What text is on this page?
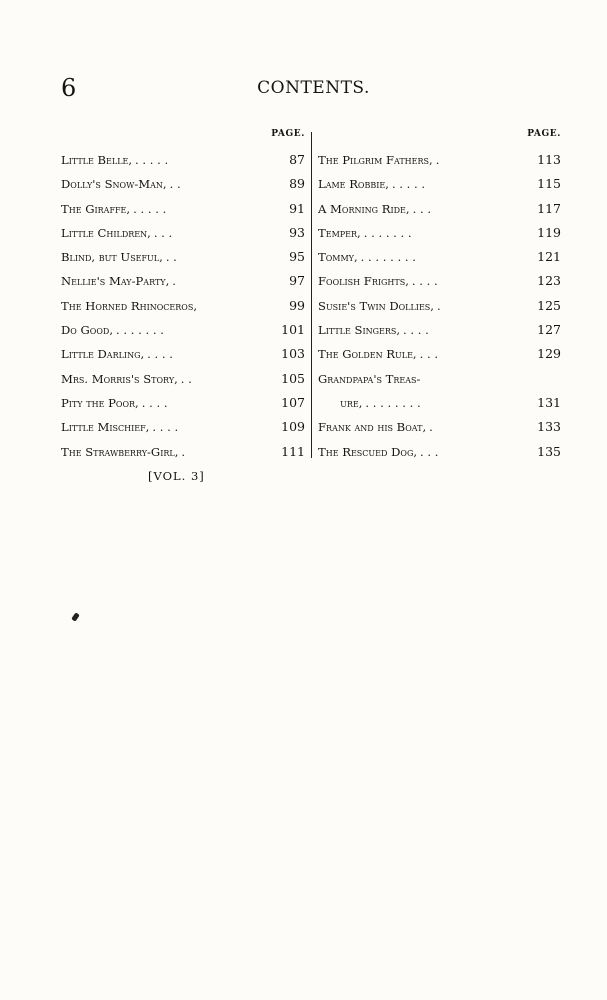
6	CONTENTS.
PAGE.
Little Belle, . . . . .	87
Dolly's Snow-Man, . .	89
The Giraffe, . . . . .	91
Little Children, . . .	93
Blind, but Useful, . .	95
Nellie's May-Party, .	97
The Horned Rhinoceros,	99
Do Good, . . . . . . .	101
Little Darling, . . . .	103
Mrs. Morris's Story, . .	105
Pity the Poor, . . . .	107
Little Mischief, . . . .	109
The Strawberry-Girl, .	111
PAGE.
The Pilgrim Fathers, .	113
Lame Robbie, . . . . .	115
A Morning Ride, . . .	117
Temper, . . . . . . .	119
Tommy, . . . . . . . .	121
Foolish Frights, . . . .	123
Susie's Twin Dollies, .	125
Little Singers, . . . .	127
The Golden Rule, . . .	129
Grandpapa's Treas-
ure, . . . . . . . .	131
Frank and his Boat, .	133
The Rescued Dog, . . .	135
[VOL. 3]
